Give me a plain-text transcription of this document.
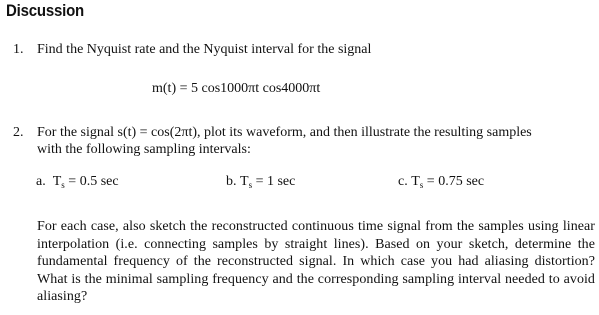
Discussion
1. Find the Nyquist rate and the Nyquist interval for the signal
m(t) = 5 cos1000πt cos4000πt
2. For the signal s(t) = cos(2πt), plot its waveform, and then illustrate the resulting samples
with the following sampling intervals:
a. $T_s = 0.5$ sec	b. $T_s = 1$ sec	c. $T_s = 0.75$ sec
For each case, also sketch the reconstructed continuous time signal from the samples using linear interpolation (i.e. connecting samples by straight lines). Based on your sketch, determine the fundamental frequency of the reconstructed signal. In which case you had aliasing distortion? What is the minimal sampling frequency and the corresponding sampling interval needed to avoid aliasing?
